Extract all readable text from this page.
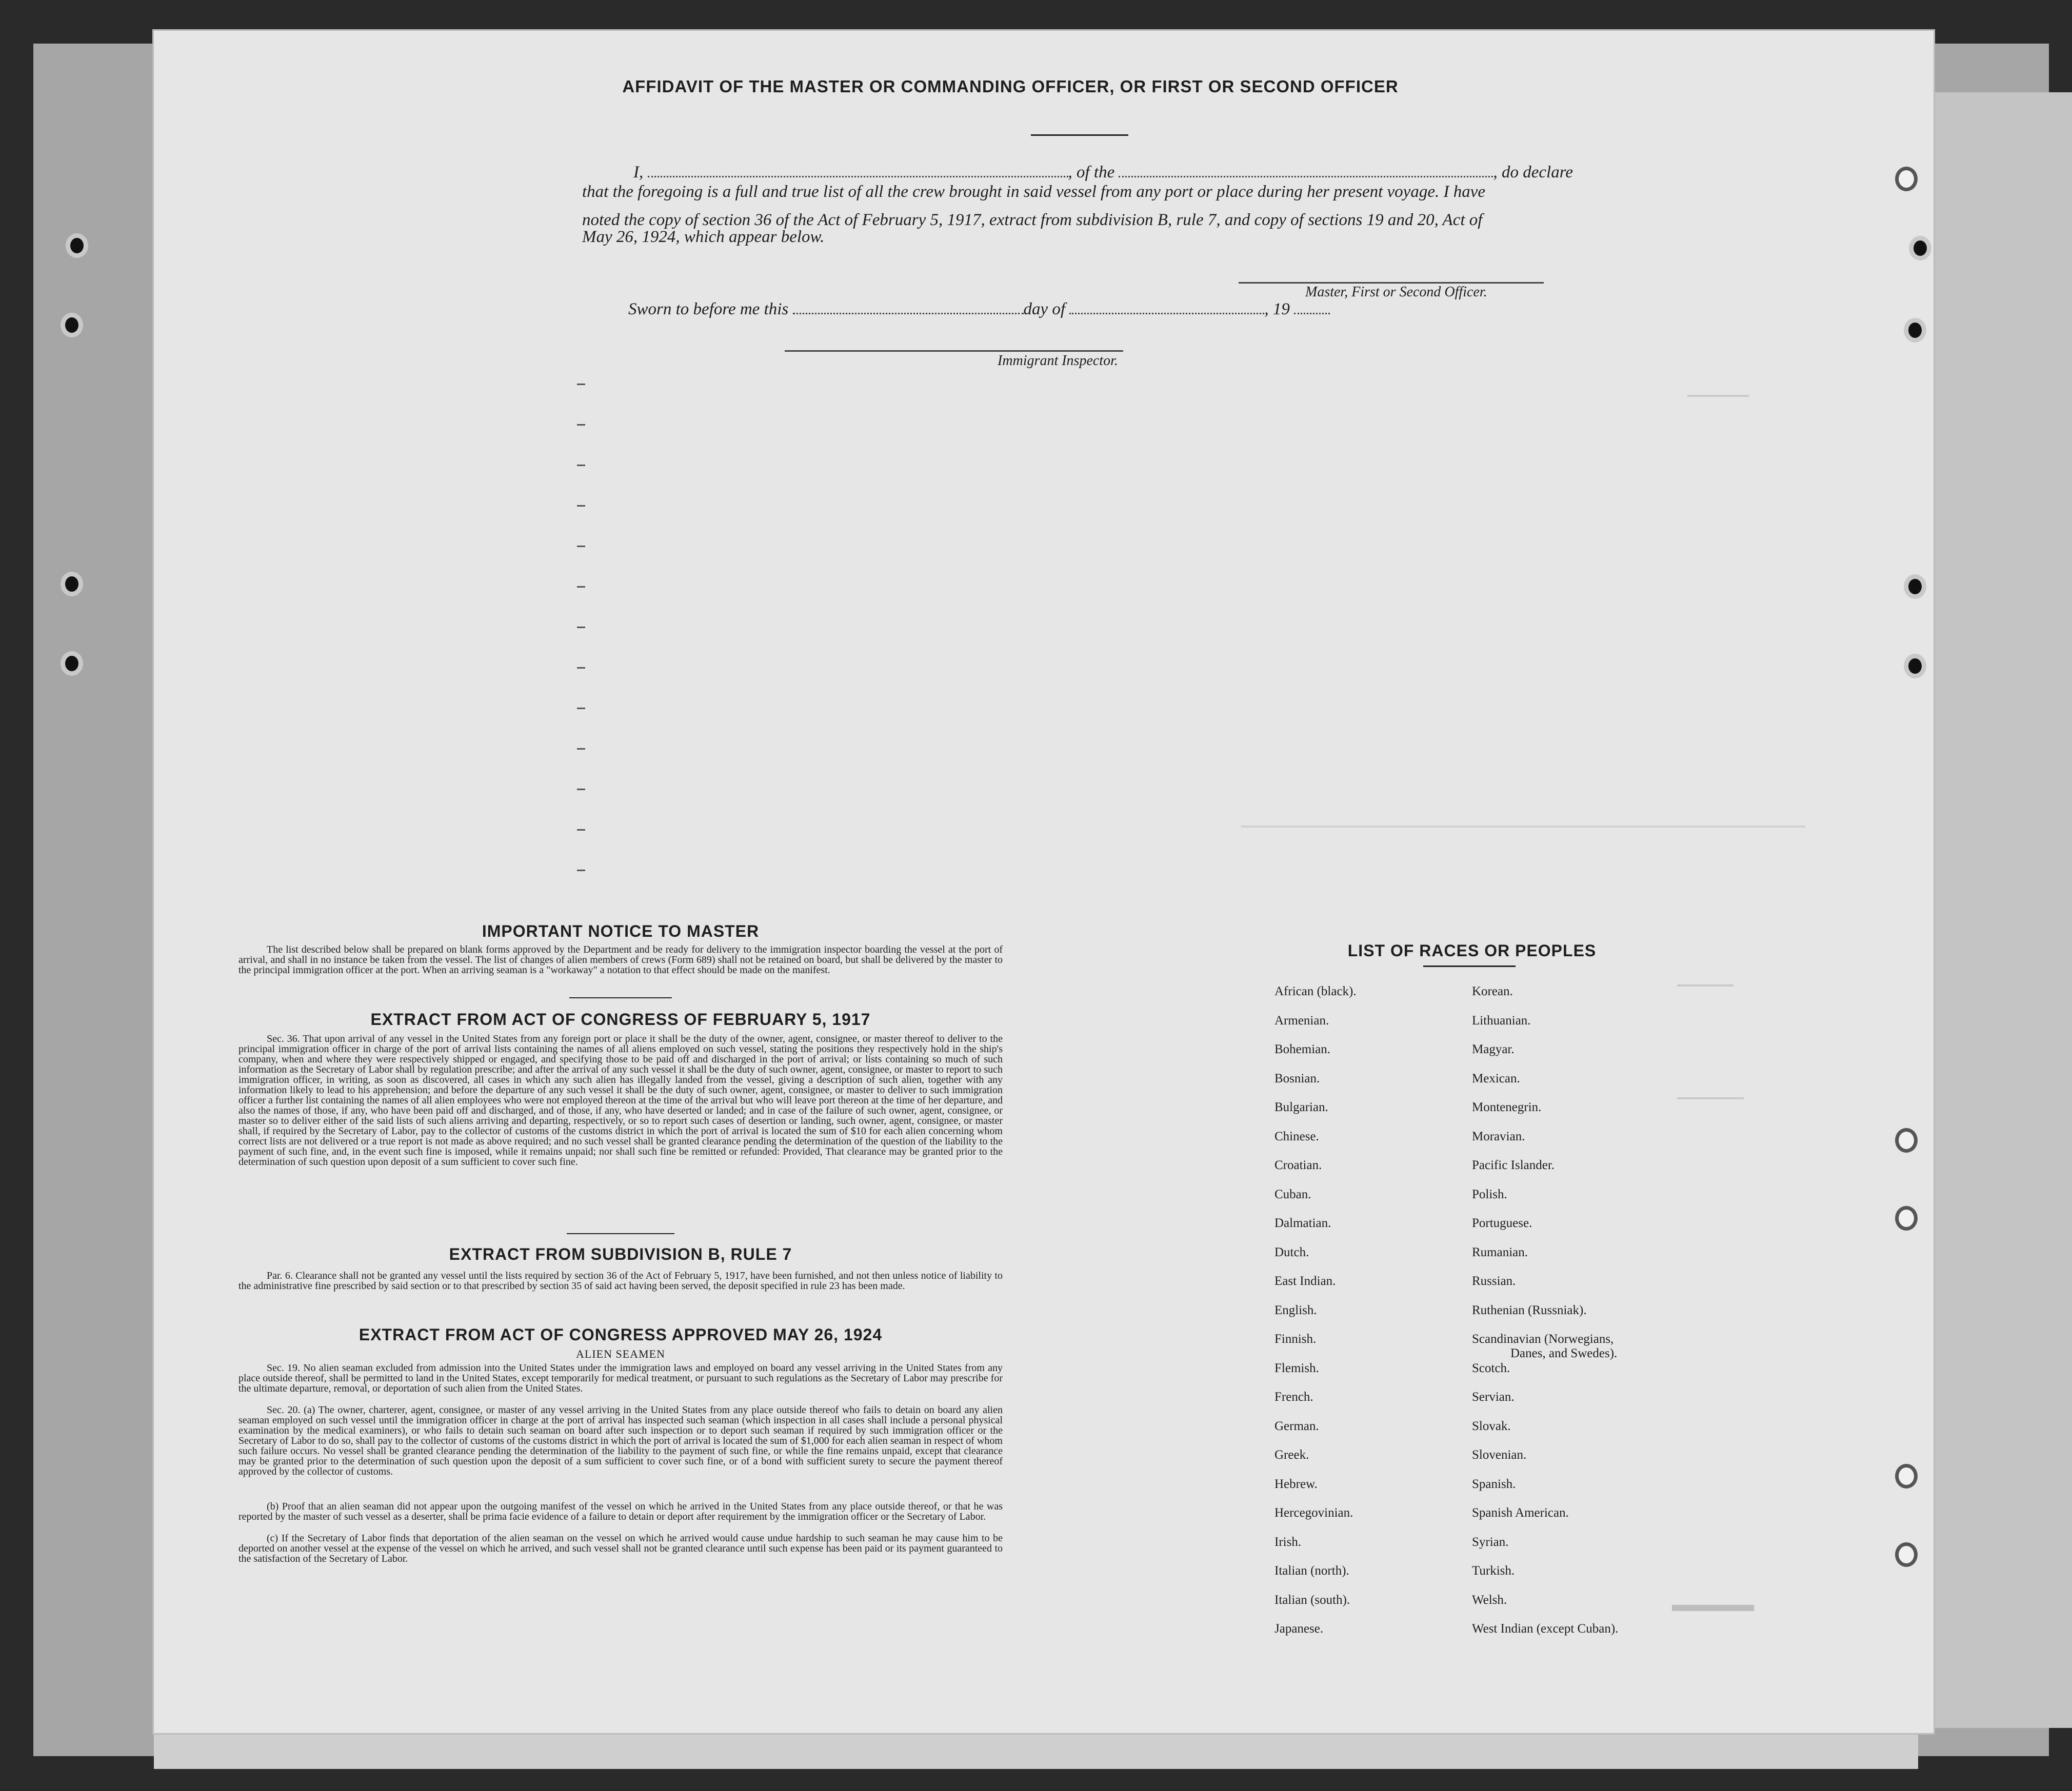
AFFIDAVIT OF THE MASTER OR COMMANDING OFFICER, OR FIRST OR SECOND OFFICER
I,	, of the	, do declare
that the foregoing is a full and true list of all the crew brought in said vessel from any port or place during her present voyage. I have
noted the copy of section 36 of the Act of February 5, 1917, extract from subdivision B, rule 7, and copy of sections 19 and 20, Act of
May 26, 1924, which appear below.
Master, First or Second Officer.
Sworn to before me this	day of	, 19
Immigrant Inspector.
IMPORTANT NOTICE TO MASTER
The list described below shall be prepared on blank forms approved by the Department and be ready for delivery to the immigration inspector boarding the vessel at the port of arrival, and shall in no instance be taken from the vessel. The list of changes of alien members of crews (Form 689) shall not be retained on board, but shall be delivered by the master to the principal immigration officer at the port. When an arriving seaman is a "workaway" a notation to that effect should be made on the manifest.
EXTRACT FROM ACT OF CONGRESS OF FEBRUARY 5, 1917
Sec. 36. That upon arrival of any vessel in the United States from any foreign port or place it shall be the duty of the owner, agent, consignee, or master thereof to deliver to the principal immigration officer in charge of the port of arrival lists containing the names of all aliens employed on such vessel, stating the positions they respectively hold in the ship's company, when and where they were respectively shipped or engaged, and specifying those to be paid off and discharged in the port of arrival; or lists containing so much of such information as the Secretary of Labor shall by regulation prescribe; and after the arrival of any such vessel it shall be the duty of such owner, agent, consignee, or master to report to such immigration officer, in writing, as soon as discovered, all cases in which any such alien has illegally landed from the vessel, giving a description of such alien, together with any information likely to lead to his apprehension; and before the departure of any such vessel it shall be the duty of such owner, agent, consignee, or master to deliver to such immigration officer a further list containing the names of all alien employees who were not employed thereon at the time of the arrival but who will leave port thereon at the time of her departure, and also the names of those, if any, who have been paid off and discharged, and of those, if any, who have deserted or landed; and in case of the failure of such owner, agent, consignee, or master so to deliver either of the said lists of such aliens arriving and departing, respectively, or so to report such cases of desertion or landing, such owner, agent, consignee, or master shall, if required by the Secretary of Labor, pay to the collector of customs of the customs district in which the port of arrival is located the sum of $10 for each alien concerning whom correct lists are not delivered or a true report is not made as above required; and no such vessel shall be granted clearance pending the determination of the question of the liability to the payment of such fine, and, in the event such fine is imposed, while it remains unpaid; nor shall such fine be remitted or refunded: Provided, That clearance may be granted prior to the determination of such question upon deposit of a sum sufficient to cover such fine.
EXTRACT FROM SUBDIVISION B, RULE 7
Par. 6. Clearance shall not be granted any vessel until the lists required by section 36 of the Act of February 5, 1917, have been furnished, and not then unless notice of liability to the administrative fine prescribed by said section or to that prescribed by section 35 of said act having been served, the deposit specified in rule 23 has been made.
EXTRACT FROM ACT OF CONGRESS APPROVED MAY 26, 1924
ALIEN SEAMEN
Sec. 19. No alien seaman excluded from admission into the United States under the immigration laws and employed on board any vessel arriving in the United States from any place outside thereof, shall be permitted to land in the United States, except temporarily for medical treatment, or pursuant to such regulations as the Secretary of Labor may prescribe for the ultimate departure, removal, or deportation of such alien from the United States.
Sec. 20. (a) The owner, charterer, agent, consignee, or master of any vessel arriving in the United States from any place outside thereof who fails to detain on board any alien seaman employed on such vessel until the immigration officer in charge at the port of arrival has inspected such seaman (which inspection in all cases shall include a personal physical examination by the medical examiners), or who fails to detain such seaman on board after such inspection or to deport such seaman if required by such immigration officer or the Secretary of Labor to do so, shall pay to the collector of customs of the customs district in which the port of arrival is located the sum of $1,000 for each alien seaman in respect of whom such failure occurs. No vessel shall be granted clearance pending the determination of the liability to the payment of such fine, or while the fine remains unpaid, except that clearance may be granted prior to the determination of such question upon the deposit of a sum sufficient to cover such fine, or of a bond with sufficient surety to secure the payment thereof approved by the collector of customs.
(b) Proof that an alien seaman did not appear upon the outgoing manifest of the vessel on which he arrived in the United States from any place outside thereof, or that he was reported by the master of such vessel as a deserter, shall be prima facie evidence of a failure to detain or deport after requirement by the immigration officer or the Secretary of Labor.
(c) If the Secretary of Labor finds that deportation of the alien seaman on the vessel on which he arrived would cause undue hardship to such seaman he may cause him to be deported on another vessel at the expense of the vessel on which he arrived, and such vessel shall not be granted clearance until such expense has been paid or its payment guaranteed to the satisfaction of the Secretary of Labor.
LIST OF RACES OR PEOPLES
African (black).
Armenian.
Bohemian.
Bosnian.
Bulgarian.
Chinese.
Croatian.
Cuban.
Dalmatian.
Dutch.
East Indian.
English.
Finnish.
Flemish.
French.
German.
Greek.
Hebrew.
Hercegovinian.
Irish.
Italian (north).
Italian (south).
Japanese.
Korean.
Lithuanian.
Magyar.
Mexican.
Montenegrin.
Moravian.
Pacific Islander.
Polish.
Portuguese.
Rumanian.
Russian.
Ruthenian (Russniak).
Scandinavian (Norwegians,
Scotch.
Servian.
Slovak.
Slovenian.
Spanish.
Spanish American.
Syrian.
Turkish.
Welsh.
West Indian (except Cuban).
Danes, and Swedes).
